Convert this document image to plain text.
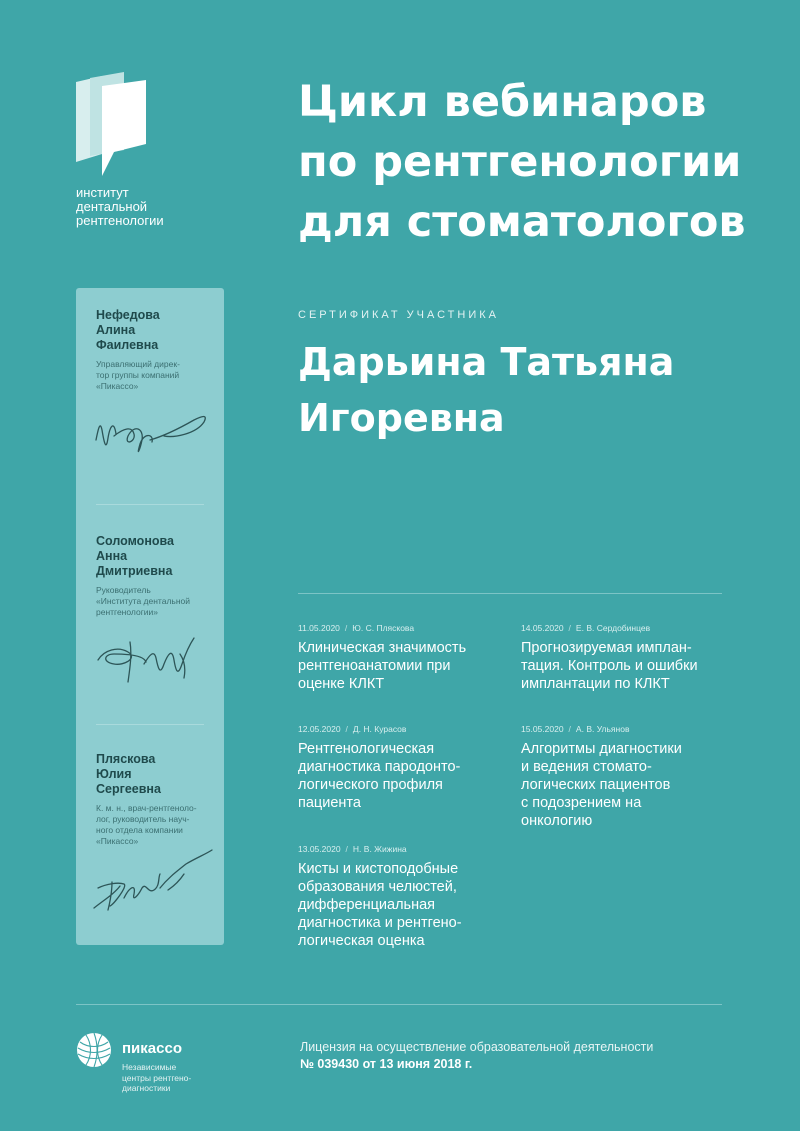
институт
дентальной
рентгенологии
Цикл вебинаров
по рентгенологии
для стоматологов
СЕРТИФИКАТ УЧАСТНИКА
Дарьина Татьяна
Игоревна
Нефедова
Алина
Фаилевна
Управляющий дирек-
тор группы компаний
«Пикассо»
Соломонова
Анна
Дмитриевна
Руководитель
«Института дентальной
рентгенологии»
Пляскова
Юлия
Сергеевна
К. м. н., врач-рентгеноло-
лог, руководитель науч-
ного отдела компании
«Пикассо»
11.05.2020 / Ю. С. Пляскова
Клиническая значимость
рентгеноанатомии при
оценке КЛКТ
12.05.2020 / Д. Н. Курасов
Рентгенологическая
диагностика пародонто-
логического профиля
пациента
13.05.2020 / Н. В. Жижина
Кисты и кистоподобные
образования челюстей,
дифференциальная
диагностика и рентгено-
логическая оценка
14.05.2020 / Е. В. Сердобинцев
Прогнозируемая имплан-
тация. Контроль и ошибки
имплантации по КЛКТ
15.05.2020 / А. В. Ульянов
Алгоритмы диагностики
и ведения стомато-
логических пациентов
с подозрением на
онкологию
пикассо
Независимые
центры рентгено-
диагностики
Лицензия на осуществление образовательной деятельности
№ 039430 от 13 июня 2018 г.
